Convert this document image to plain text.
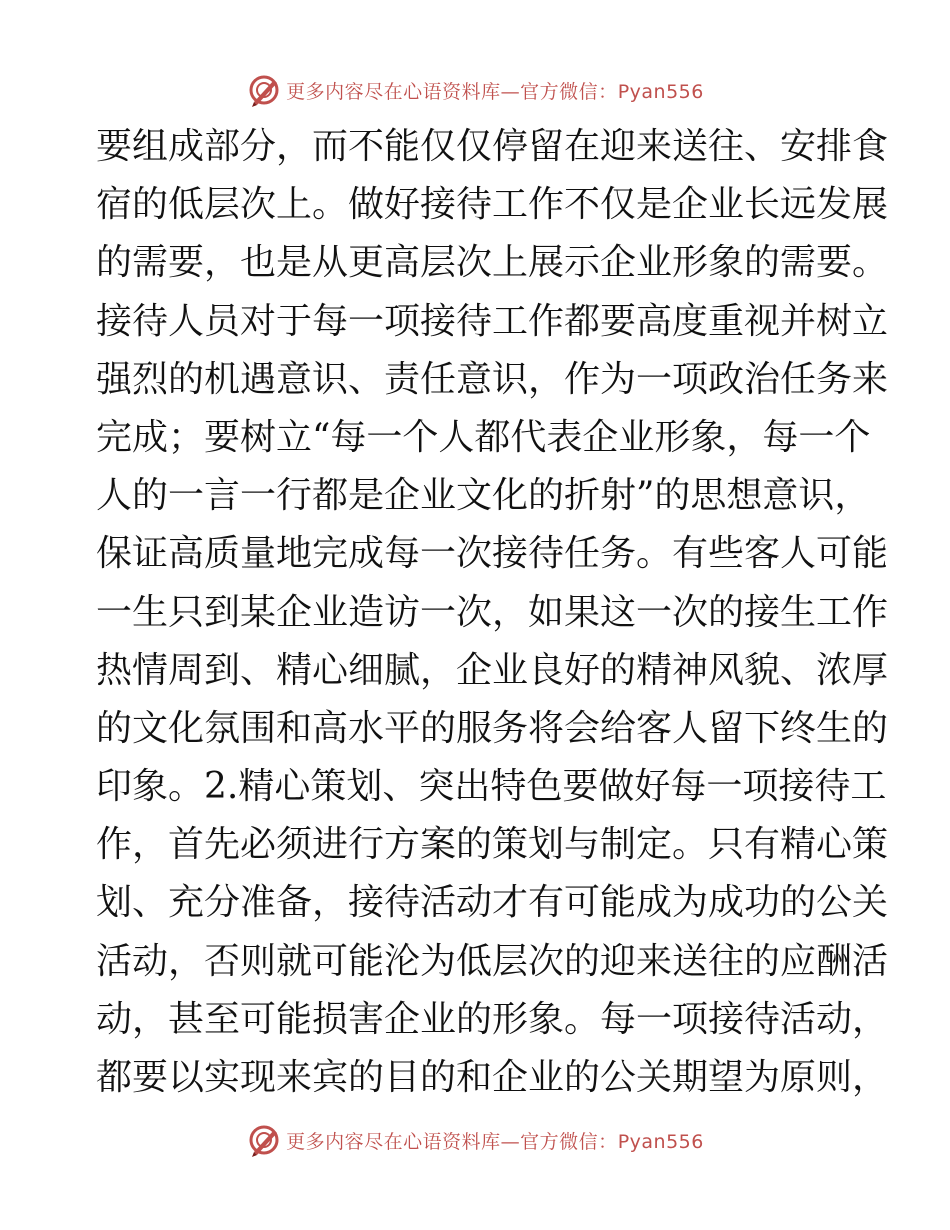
更多内容尽在心语资料库—官方微信：Pyan556
要组成部分，而不能仅仅停留在迎来送往、安排食
宿的低层次上。做好接待工作不仅是企业长远发展
的需要，也是从更高层次上展示企业形象的需要。
接待人员对于每一项接待工作都要高度重视并树立
强烈的机遇意识、责任意识，作为一项政治任务来
完成；要树立“每一个人都代表企业形象，每一个
人的一言一行都是企业文化的折射”的思想意识，
保证高质量地完成每一次接待任务。有些客人可能
一生只到某企业造访一次，如果这一次的接生工作
热情周到、精心细腻，企业良好的精神风貌、浓厚
的文化氛围和高水平的服务将会给客人留下终生的
印象。2.精心策划、突出特色要做好每一项接待工
作，首先必须进行方案的策划与制定。只有精心策
划、充分准备，接待活动才有可能成为成功的公关
活动，否则就可能沦为低层次的迎来送往的应酬活
动，甚至可能损害企业的形象。每一项接待活动，
都要以实现来宾的目的和企业的公关期望为原则，
更多内容尽在心语资料库—官方微信：Pyan556
